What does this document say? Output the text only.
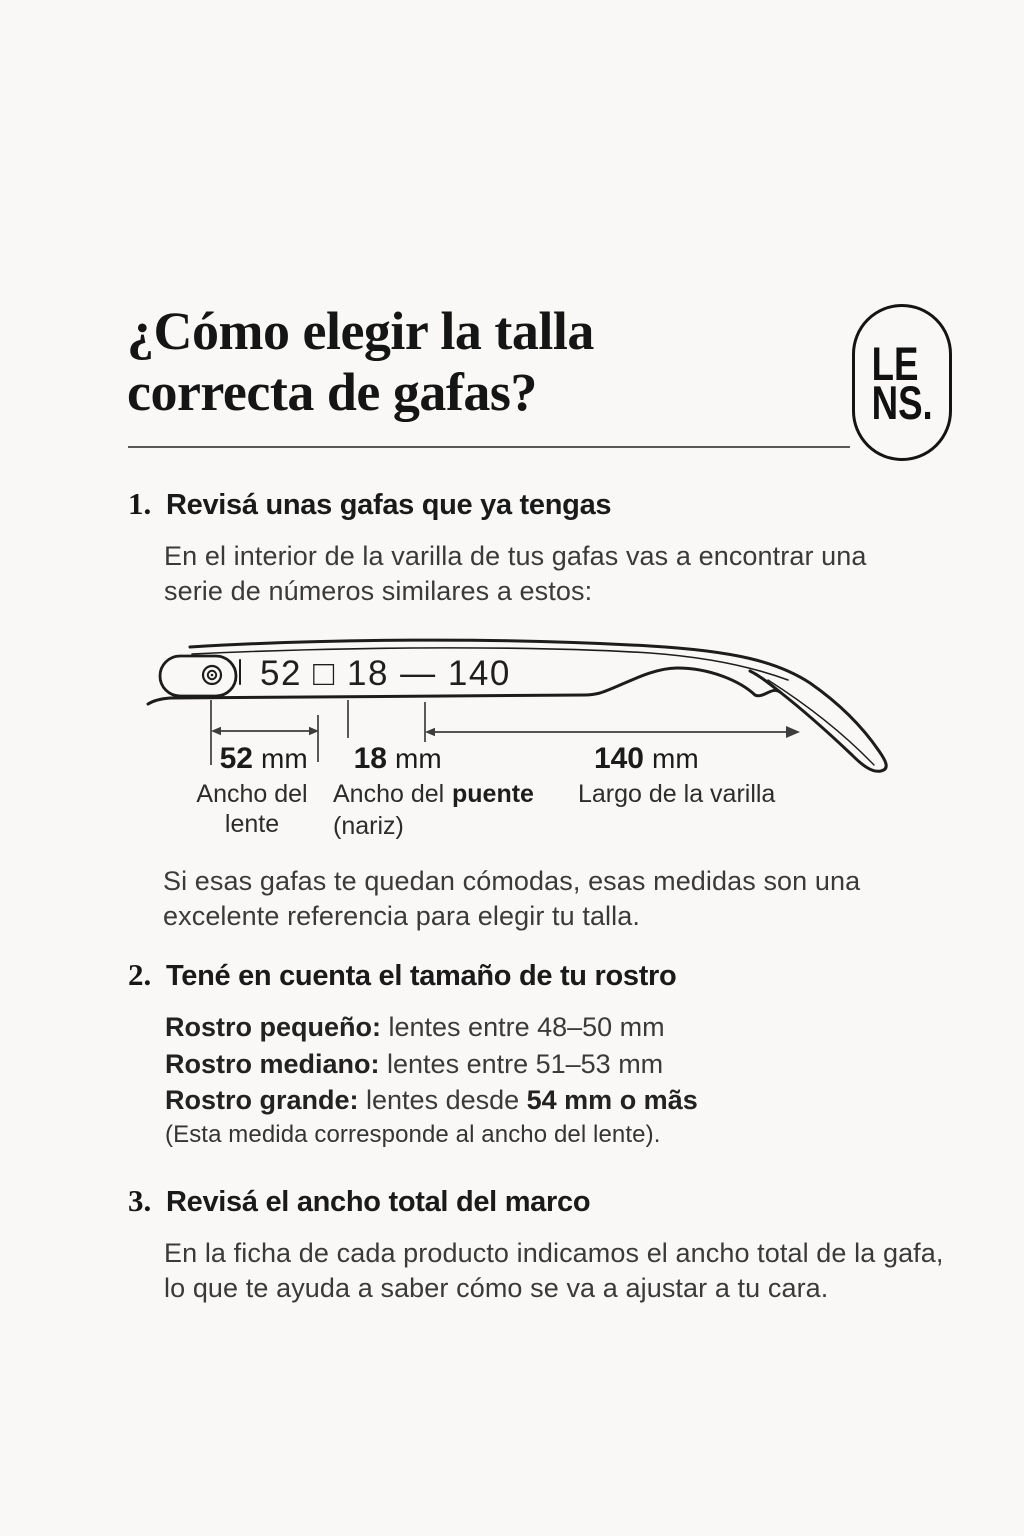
¿Cómo elegir la talla
correcta de gafas?	LE
NS.
1. Revisá unas gafas que ya tengas
En el interior de la varilla de tus gafas vas a encontrar una
serie de números similares a estos:
52 □ 18 — 140
52 mm 18 mm	140 mm
Ancho del
lente
Ancho del puente
(nariz)
Largo de la varilla
Si esas gafas te quedan cómodas, esas medidas son una
excelente referencia para elegir tu talla.
2. Tené en cuenta el tamaño de tu rostro
Rostro pequeño: lentes entre 48–50 mm
Rostro mediano: lentes entre 51–53 mm
Rostro grande: lentes desde 54 mm o mãs
(Esta medida corresponde al ancho del lente).
3. Revisá el ancho total del marco
En la ficha de cada producto indicamos el ancho total de la gafa,
lo que te ayuda a saber cómo se va a ajustar a tu cara.
